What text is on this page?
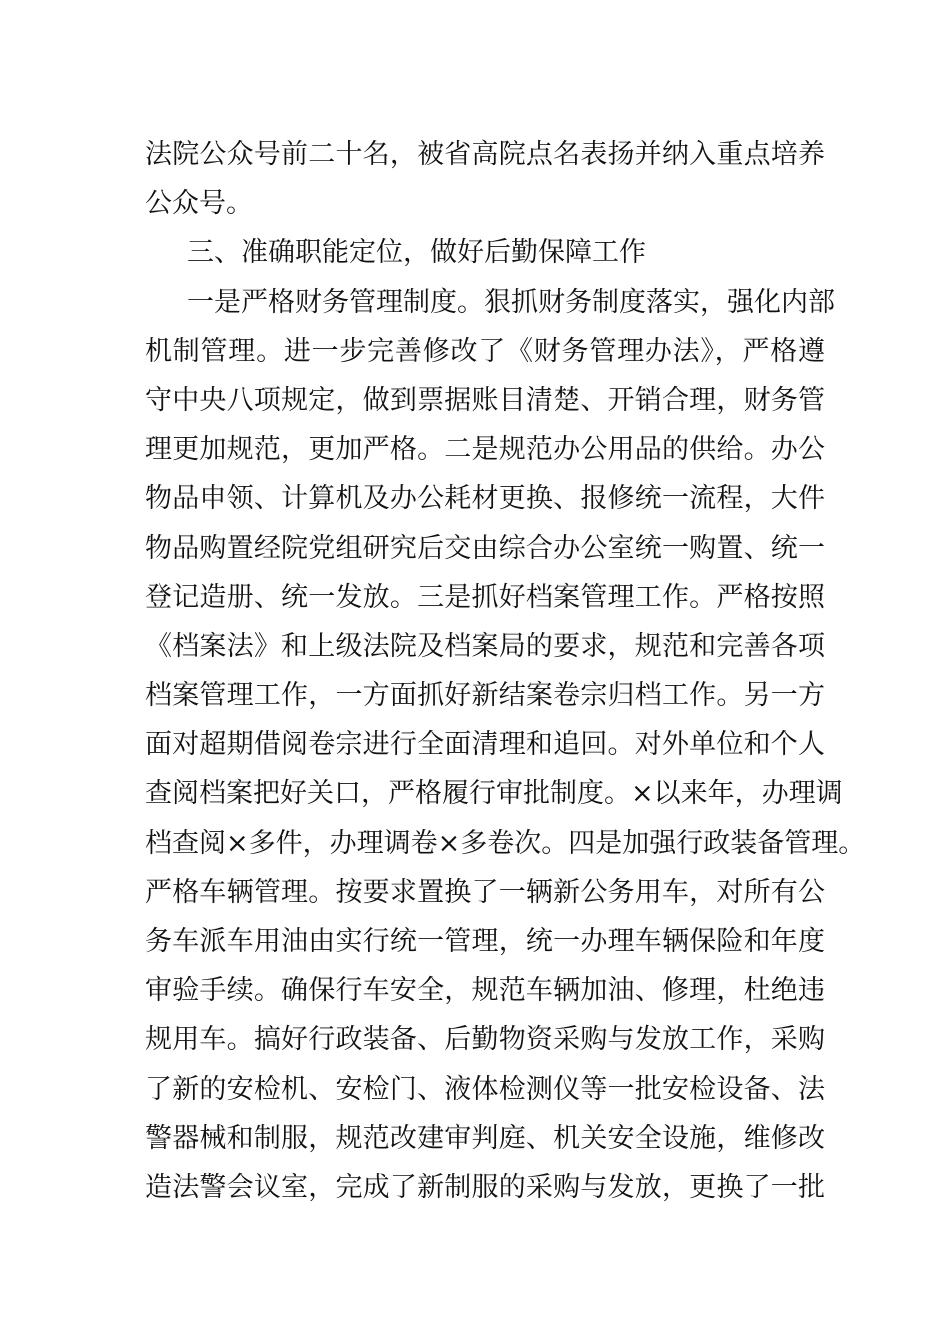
法院公众号前二十名，被省高院点名表扬并纳入重点培养
公众号。
三、准确职能定位，做好后勤保障工作
一是严格财务管理制度。狠抓财务制度落实，强化内部
机制管理。进一步完善修改了《财务管理办法》，严格遵
守中央八项规定，做到票据账目清楚、开销合理，财务管
理更加规范，更加严格。二是规范办公用品的供给。办公
物品申领、计算机及办公耗材更换、报修统一流程，大件
物品购置经院党组研究后交由综合办公室统一购置、统一
登记造册、统一发放。三是抓好档案管理工作。严格按照
《档案法》和上级法院及档案局的要求，规范和完善各项
档案管理工作，一方面抓好新结案卷宗归档工作。另一方
面对超期借阅卷宗进行全面清理和追回。对外单位和个人
查阅档案把好关口，严格履行审批制度。×以来年，办理调
档查阅×多件，办理调卷×多卷次。四是加强行政装备管理。
严格车辆管理。按要求置换了一辆新公务用车，对所有公
务车派车用油由实行统一管理，统一办理车辆保险和年度
审验手续。确保行车安全，规范车辆加油、修理，杜绝违
规用车。搞好行政装备、后勤物资采购与发放工作，采购
了新的安检机、安检门、液体检测仪等一批安检设备、法
警器械和制服，规范改建审判庭、机关安全设施，维修改
造法警会议室，完成了新制服的采购与发放，更换了一批
